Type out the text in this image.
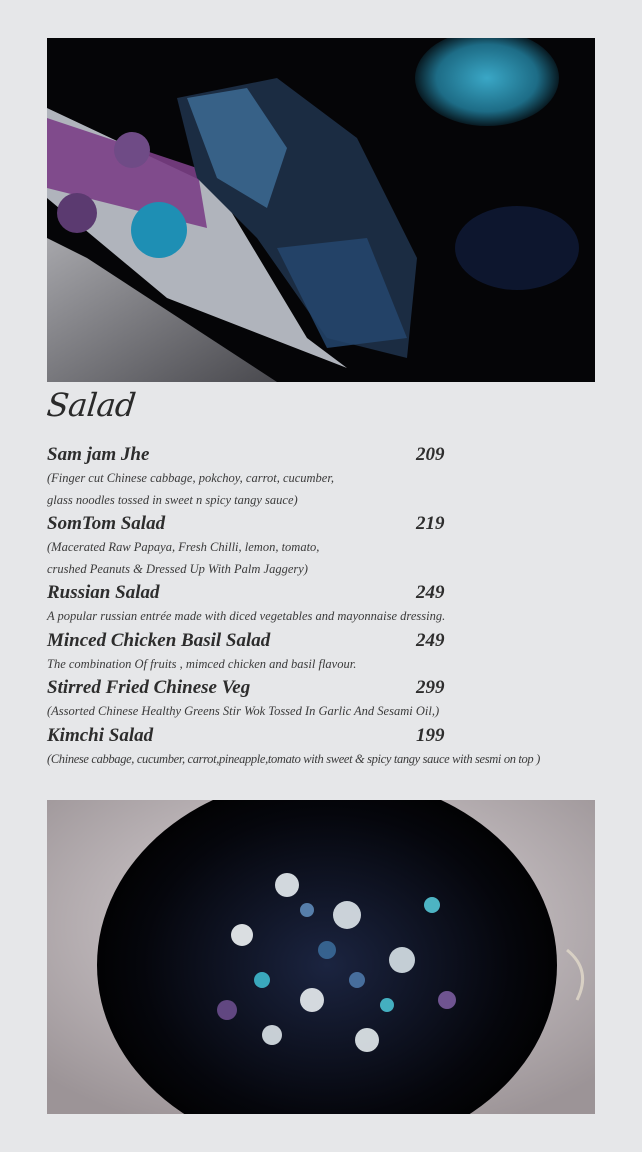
Salad
Sam jam Jhe	209
(Finger cut Chinese cabbage, pokchoy, carrot, cucumber,
glass noodles tossed in sweet n spicy tangy sauce)
SomTom Salad	219
(Macerated Raw Papaya, Fresh Chilli, lemon, tomato,
crushed Peanuts & Dressed Up With Palm Jaggery)
Russian Salad	249
A popular russian entrée made with diced vegetables and mayonnaise dressing.
Minced Chicken Basil Salad	249
The combination Of fruits , mimced chicken and basil flavour.
Stirred Fried Chinese Veg	299
(Assorted Chinese Healthy Greens Stir Wok Tossed In Garlic And Sesami Oil,)
Kimchi Salad	199
(Chinese cabbage, cucumber, carrot,pineapple,tomato with sweet & spicy tangy sauce with sesmi on top )
